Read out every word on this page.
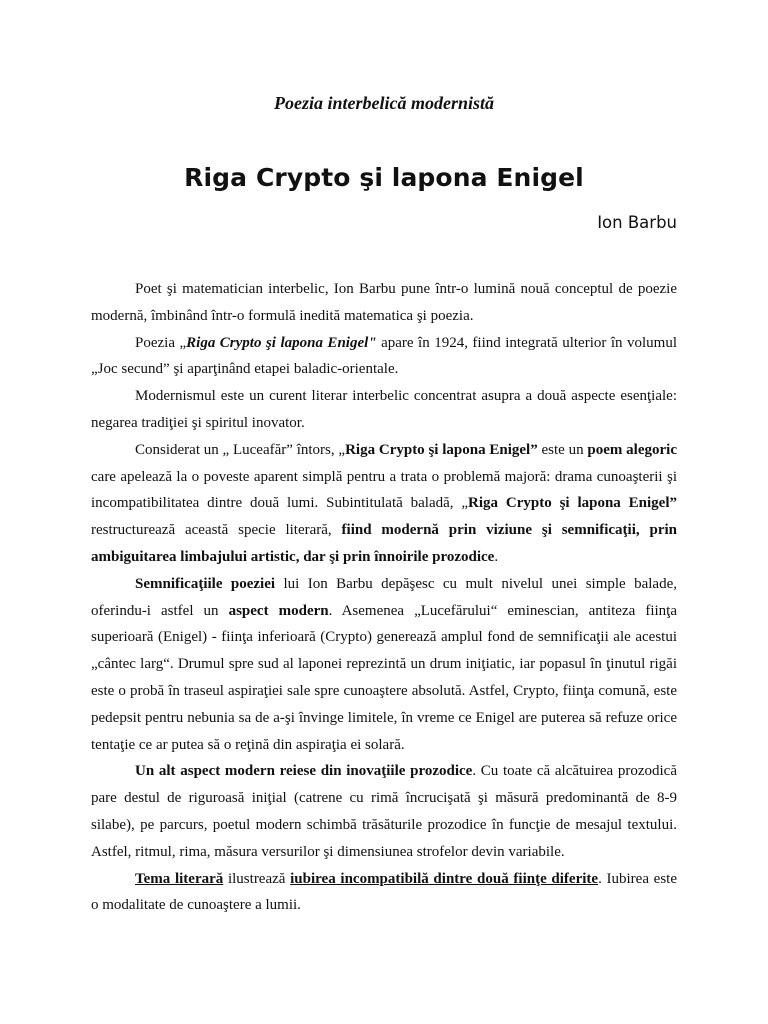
Poezia interbelică modernistă
Riga Crypto şi lapona Enigel
Ion Barbu

Poet şi matematician interbelic, Ion Barbu pune într-o lumină nouă conceptul de poezie modernă, îmbinând într-o formulă inedită matematica şi poezia.

Poezia „Riga Crypto şi lapona Enigel" apare în 1924, fiind integrată ulterior în volumul „Joc secund” şi aparţinând etapei baladic-orientale.

Modernismul este un curent literar interbelic concentrat asupra a două aspecte esenţiale: negarea tradiţiei şi spiritul inovator.

Considerat un „ Luceafăr” întors, „Riga Crypto şi lapona Enigel” este un poem alegoric care apelează la o poveste aparent simplă pentru a trata o problemă majoră: drama cunoaşterii şi incompatibilitatea dintre două lumi. Subintitulată baladă, „Riga Crypto şi lapona Enigel” restructurează această specie literară, fiind modernă prin viziune şi semnificaţii, prin ambiguitarea limbajului artistic, dar şi prin înnoirile prozodice.

Semnificaţiile poeziei lui Ion Barbu depăşesc cu mult nivelul unei simple balade, oferindu-i astfel un aspect modern. Asemenea „Lucefărului“ eminescian, antiteza fiinţa superioară (Enigel) - fiinţa inferioară (Crypto) generează amplul fond de semnificaţii ale acestui „cântec larg“. Drumul spre sud al laponei reprezintă un drum iniţiatic, iar popasul în ţinutul rigăi este o probă în traseul aspiraţiei sale spre cunoaştere absolută. Astfel, Crypto, fiinţa comună, este pedepsit pentru nebunia sa de a-şi învinge limitele, în vreme ce Enigel are puterea să refuze orice tentaţie ce ar putea să o reţină din aspiraţia ei solară.

Un alt aspect modern reiese din inovaţiile prozodice. Cu toate că alcătuirea prozodică pare destul de riguroasă iniţial (catrene cu rimă încrucişată şi măsură predominantă de 8-9 silabe), pe parcurs, poetul modern schimbă trăsăturile prozodice în funcţie de mesajul textului. Astfel, ritmul, rima, măsura versurilor şi dimensiunea strofelor devin variabile.

Tema literară ilustrează iubirea incompatibilă dintre două fiinţe diferite. Iubirea este o modalitate de cunoaştere a lumii.
